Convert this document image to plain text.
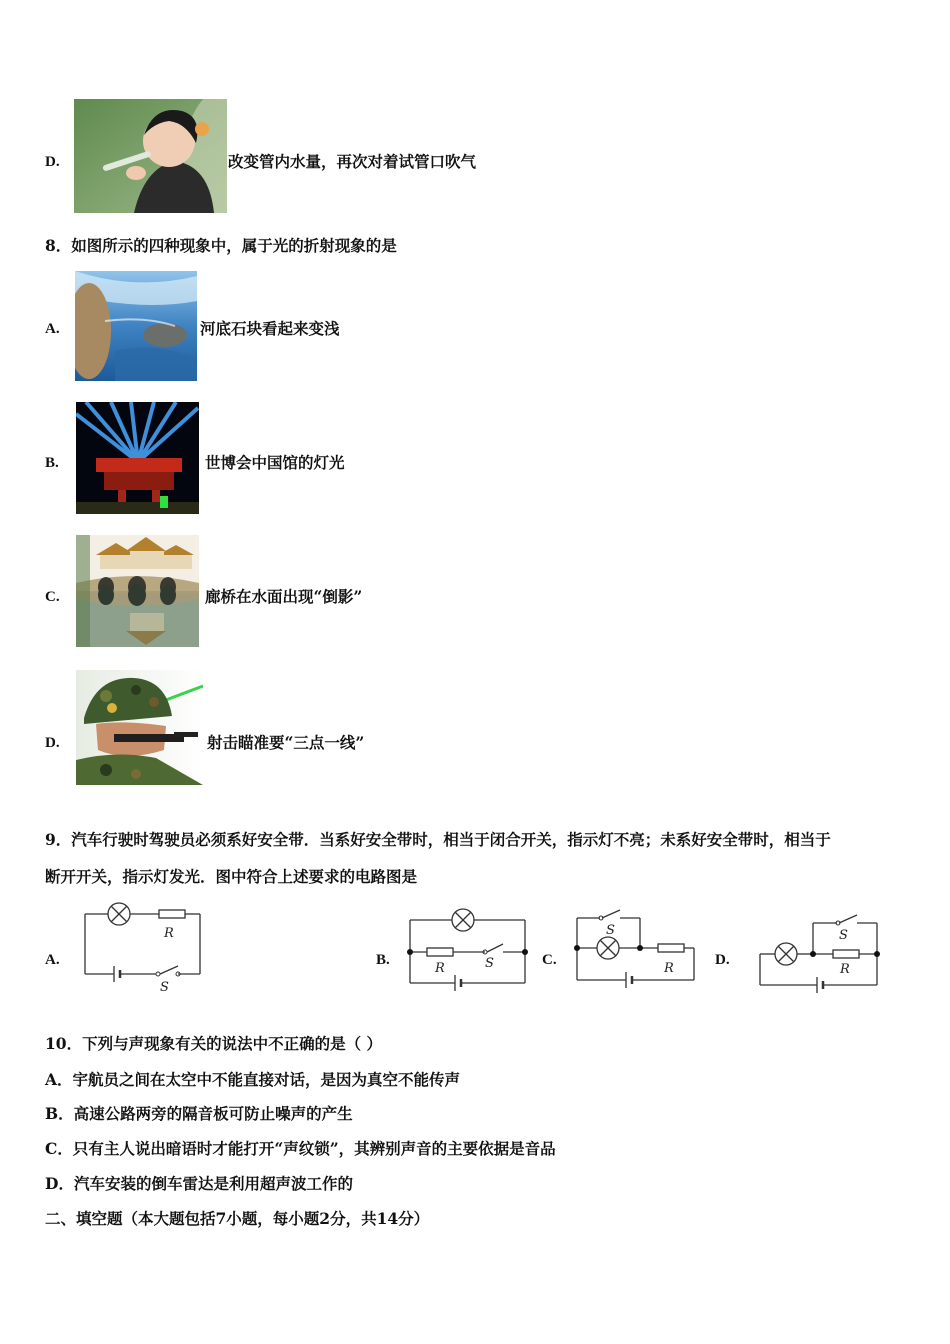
D.	改变管内水量，再次对着试管口吹气
8．如图所示的四种现象中，属于光的折射现象的是
A.	河底石块看起来变浅
B.	世博会中国馆的灯光
C.	廊桥在水面出现“倒影”
D.	射击瞄准要“三点一线”
9．汽车行驶时驾驶员必须系好安全带．当系好安全带时，相当于闭合开关，指示灯不亮；未系好安全带时，相当于
断开开关，指示灯发光．图中符合上述要求的电路图是
A.
R
S
B.
R	S	C.
S
R
D.
S
R
10．下列与声现象有关的说法中不正确的是（ ）
A．宇航员之间在太空中不能直接对话，是因为真空不能传声
B．高速公路两旁的隔音板可防止噪声的产生
C．只有主人说出暗语时才能打开“声纹锁”，其辨别声音的主要依据是音品
D．汽车安装的倒车雷达是利用超声波工作的
二、填空题（本大题包括7小题，每小题2分，共14分）
